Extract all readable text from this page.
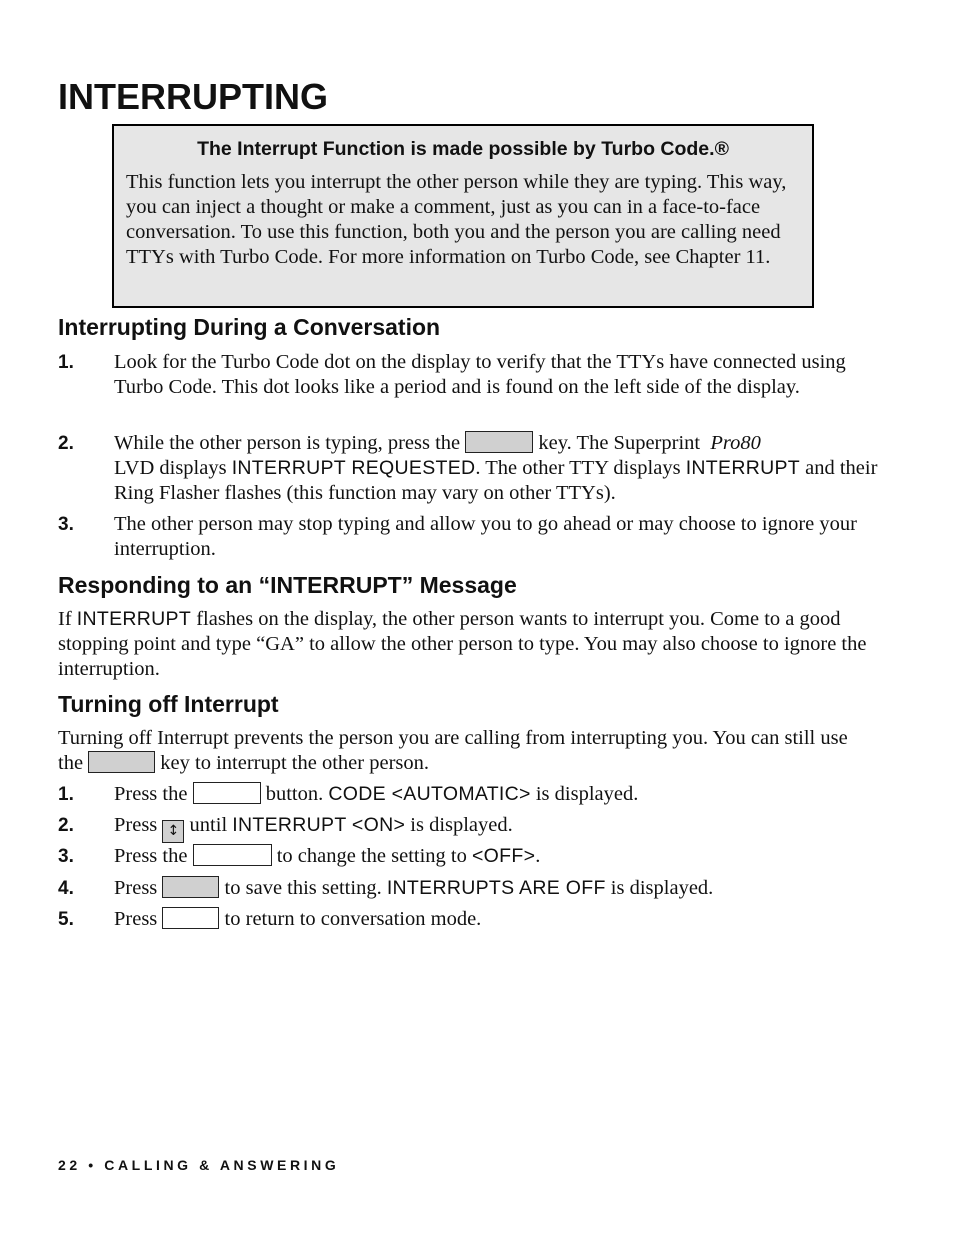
INTERRUPTING
The Interrupt Function is made possible by Turbo Code.®
This function lets you interrupt the other person while they are typing. This way, you can inject a thought or make a comment, just as you can in a face-to-face conversation. To use this function, both you and the person you are calling need TTYs with Turbo Code. For more information on Turbo Code, see Chapter 11.
Interrupting During a Conversation
1. Look for the Turbo Code dot on the display to verify that the TTYs have connected using Turbo Code. This dot looks like a period and is found on the left side of the display.
2. While the other person is typing, press the	key. The Superprint Pro80
LVD displays INTERRUPT REQUESTED. The other TTY displays INTERRUPT and their Ring Flasher flashes (this function may vary on other TTYs).
3. The other person may stop typing and allow you to go ahead or may choose to ignore your interruption.
Responding to an “INTERRUPT” Message
If INTERRUPT flashes on the display, the other person wants to interrupt you. Come to a good stopping point and type “GA” to allow the other person to type. You may also choose to ignore the interruption.
Turning off Interrupt
Turning off Interrupt prevents the person you are calling from interrupting you. You can still use the	key to interrupt the other person.
1. Press the	button. CODE <AUTOMATIC> is displayed.
2. Press ↕ until INTERRUPT <ON> is displayed.
3. Press the	to change the setting to <OFF>.
4. Press	to save this setting. INTERRUPTS ARE OFF is displayed.
5. Press	to return to conversation mode.
22 • CALLING & ANSWERING
